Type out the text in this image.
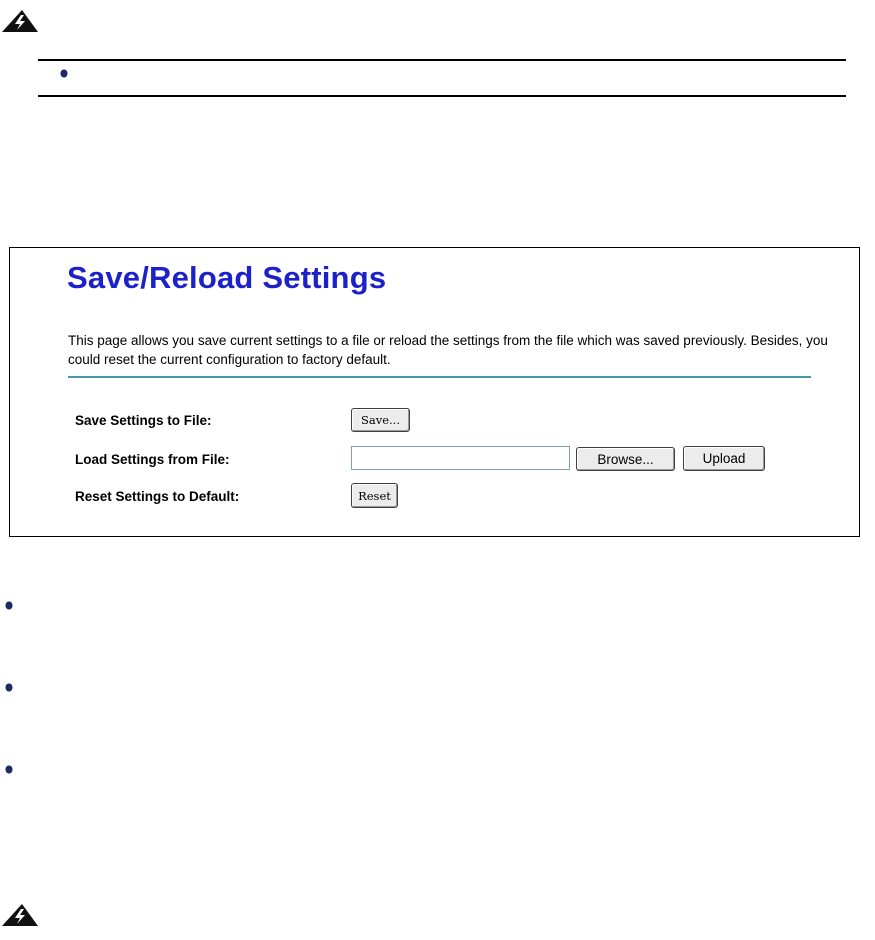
Save/Reload Settings

This page allows you save current settings to a file or reload the settings from the file which was saved previously. Besides, you could reset the current configuration to factory default.

Save Settings to File:	Save...
Load Settings from File:	Browse...	Upload
Reset Settings to Default:	Reset
